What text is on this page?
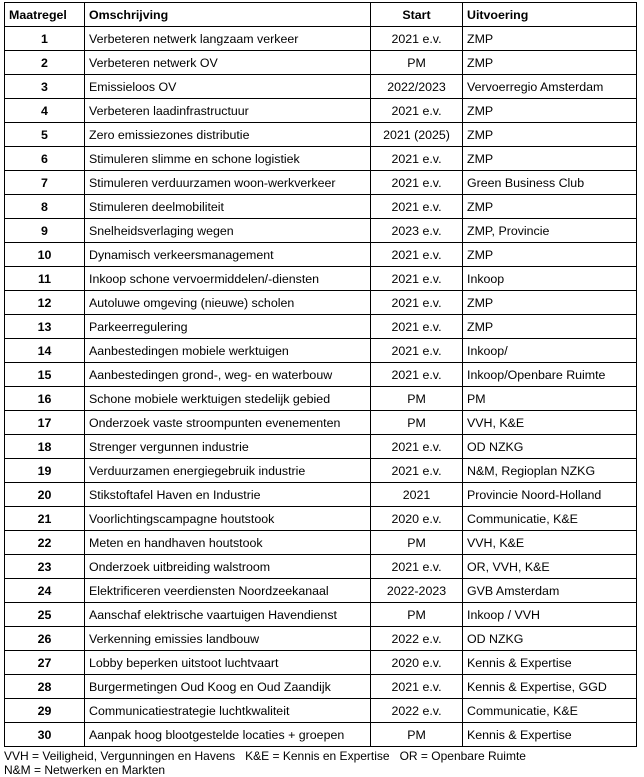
Maatregel	Omschrijving	Start	Uitvoering
1	Verbeteren netwerk langzaam verkeer	2021 e.v.	ZMP
2	Verbeteren netwerk OV	PM	ZMP
3	Emissieloos OV	2022/2023	Vervoerregio Amsterdam
4	Verbeteren laadinfrastructuur	2021 e.v.	ZMP
5	Zero emissiezones distributie	2021 (2025)	ZMP
6	Stimuleren slimme en schone logistiek	2021 e.v.	ZMP
7	Stimuleren verduurzamen woon-werkverkeer	2021 e.v.	Green Business Club
8	Stimuleren deelmobiliteit	2021 e.v.	ZMP
9	Snelheidsverlaging wegen	2023 e.v.	ZMP, Provincie
10	Dynamisch verkeersmanagement	2021 e.v.	ZMP
11	Inkoop schone vervoermiddelen/-diensten	2021 e.v.	Inkoop
12	Autoluwe omgeving (nieuwe) scholen	2021 e.v.	ZMP
13	Parkeerregulering	2021 e.v.	ZMP
14	Aanbestedingen mobiele werktuigen	2021 e.v.	Inkoop/
15	Aanbestedingen grond-, weg- en waterbouw	2021 e.v.	Inkoop/Openbare Ruimte
16	Schone mobiele werktuigen stedelijk gebied	PM	PM
17	Onderzoek vaste stroompunten evenementen	PM	VVH, K&E
18	Strenger vergunnen industrie	2021 e.v.	OD NZKG
19	Verduurzamen energiegebruik industrie	2021 e.v.	N&M, Regioplan NZKG
20	Stikstoftafel Haven en Industrie	2021	Provincie Noord-Holland
21	Voorlichtingscampagne houtstook	2020 e.v.	Communicatie, K&E
22	Meten en handhaven houtstook	PM	VVH, K&E
23	Onderzoek uitbreiding walstroom	2021 e.v.	OR, VVH, K&E
24	Elektrificeren veerdiensten Noordzeekanaal	2022-2023	GVB Amsterdam
25	Aanschaf elektrische vaartuigen Havendienst	PM	Inkoop / VVH
26	Verkenning emissies landbouw	2022 e.v.	OD NZKG
27	Lobby beperken uitstoot luchtvaart	2020 e.v.	Kennis & Expertise
28	Burgermetingen Oud Koog en Oud Zaandijk	2021 e.v.	Kennis & Expertise, GGD
29	Communicatiestrategie luchtkwaliteit	2022 e.v.	Communicatie, K&E
30	Aanpak hoog blootgestelde locaties + groepen	PM	Kennis & Expertise
VVH = Veiligheid, Vergunningen en Havens   K&E = Kennis en Expertise   OR = Openbare Ruimte
N&M = Netwerken en Markten
